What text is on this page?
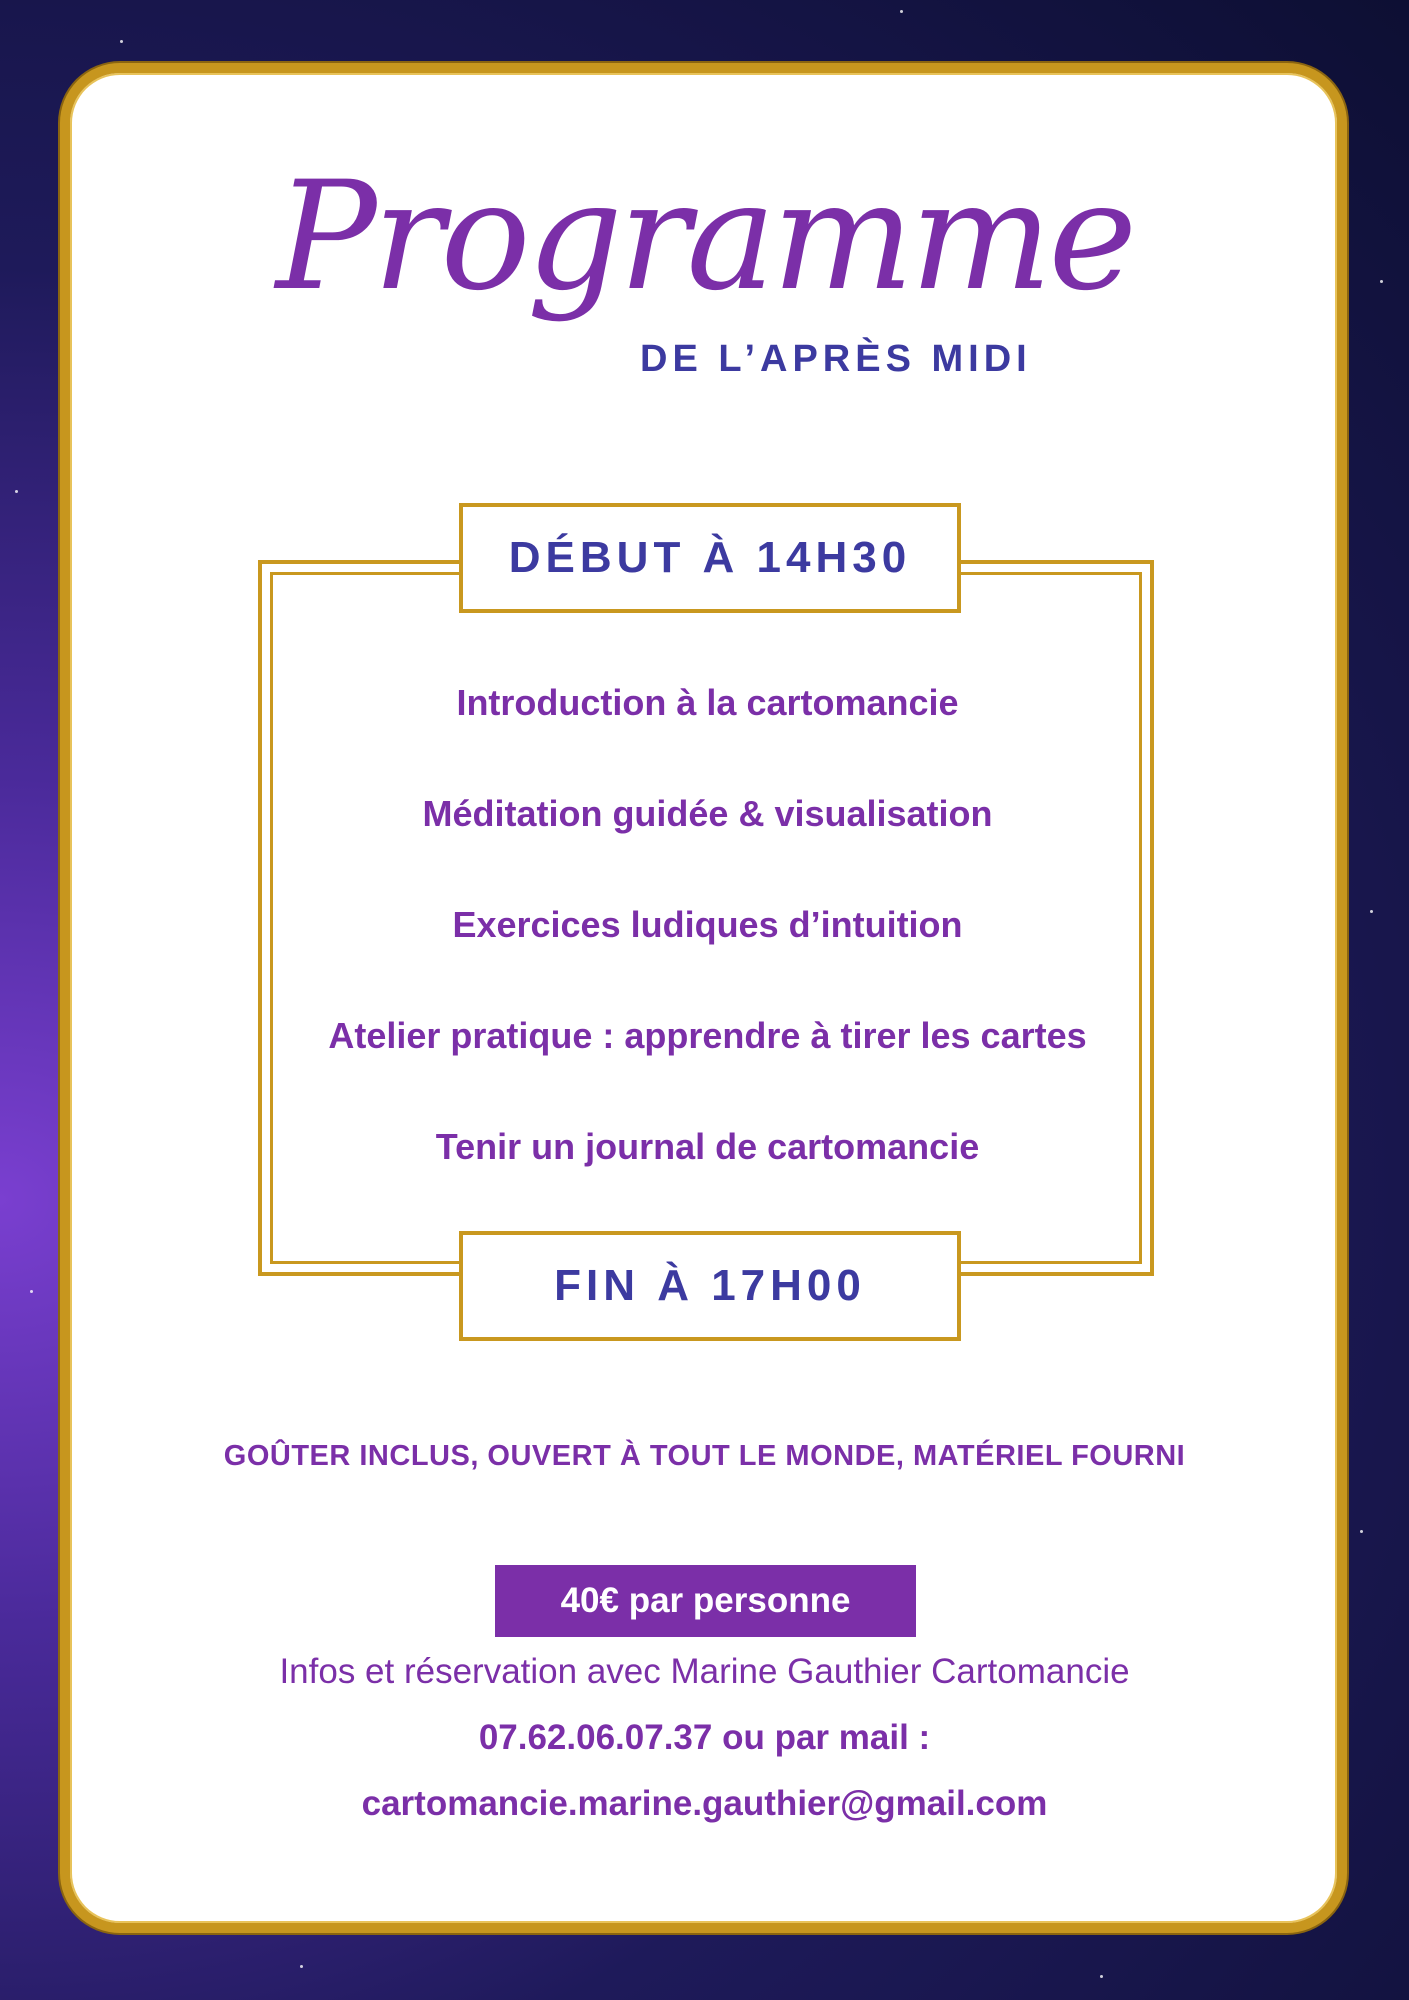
Programme
DE L’APRÈS MIDI
DÉBUT À 14H30
Introduction à la cartomancie
Méditation guidée & visualisation
Exercices ludiques d’intuition
Atelier pratique : apprendre à tirer les cartes
Tenir un journal de cartomancie
FIN À 17H00
GOÛTER INCLUS, OUVERT À TOUT LE MONDE, MATÉRIEL FOURNI
40€ par personne
Infos et réservation avec Marine Gauthier Cartomancie
07.62.06.07.37 ou par mail :
cartomancie.marine.gauthier@gmail.com
